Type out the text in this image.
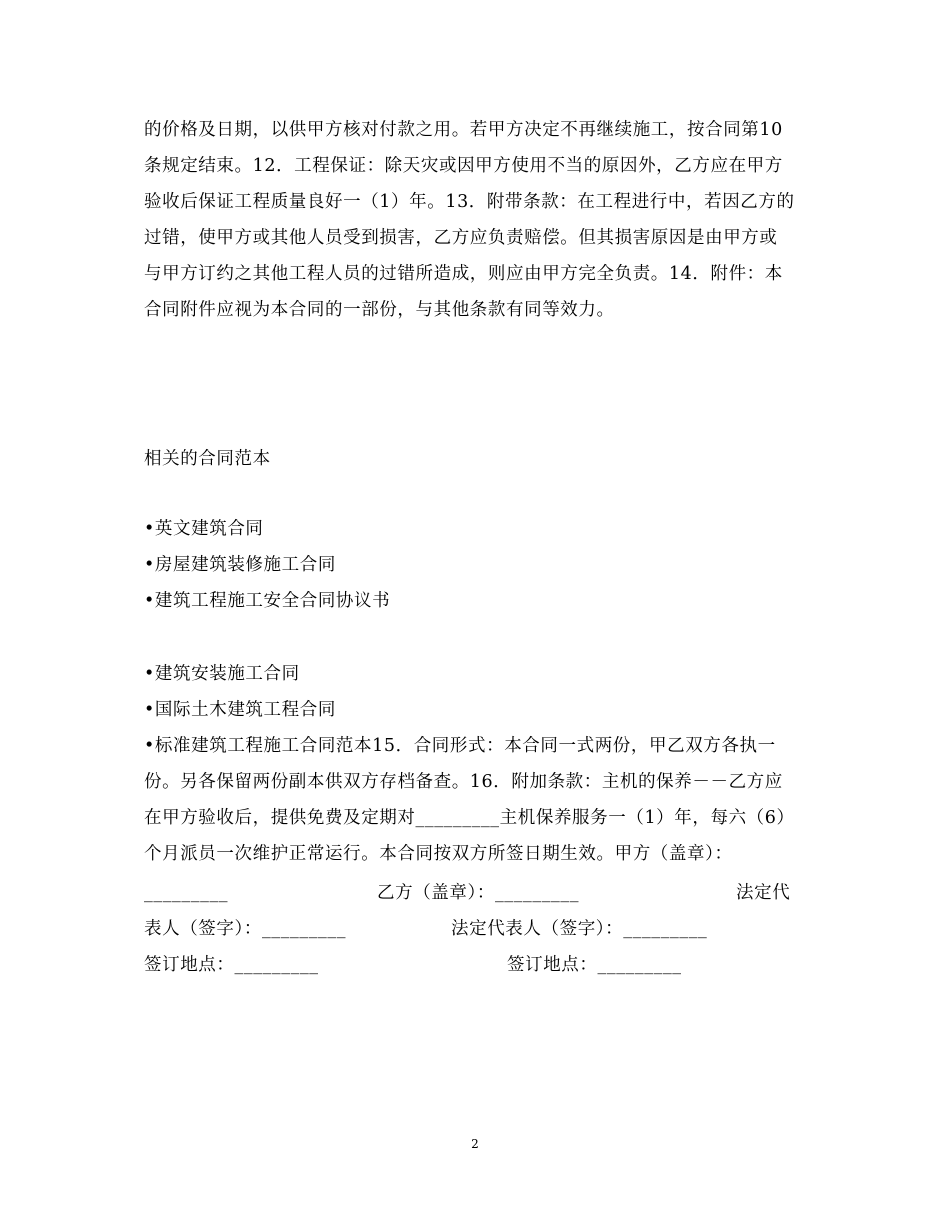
的价格及日期，以供甲方核对付款之用。若甲方决定不再继续施工，按合同第10
条规定结束。12．工程保证：除天灾或因甲方使用不当的原因外，乙方应在甲方
验收后保证工程质量良好一（1）年。13．附带条款：在工程进行中，若因乙方的
过错，使甲方或其他人员受到损害，乙方应负责赔偿。但其损害原因是由甲方或
与甲方订约之其他工程人员的过错所造成，则应由甲方完全负责。14．附件：本
合同附件应视为本合同的一部份，与其他条款有同等效力。
相关的合同范本
•英文建筑合同
•房屋建筑装修施工合同
•建筑工程施工安全合同协议书
•建筑安装施工合同
•国际土木建筑工程合同
•标准建筑工程施工合同范本15．合同形式：本合同一式两份，甲乙双方各执一
份。另各保留两份副本供双方存档备查。16．附加条款：主机的保养－－乙方应
在甲方验收后，提供免费及定期对_________主机保养服务一（1）年，每六（6）
个月派员一次维护正常运行。本合同按双方所签日期生效。甲方（盖章）：
_________	乙方（盖章）：_________	法定代
表人（签字）：_________	法定代表人（签字）：_________
签订地点：_________	签订地点：_________
2
